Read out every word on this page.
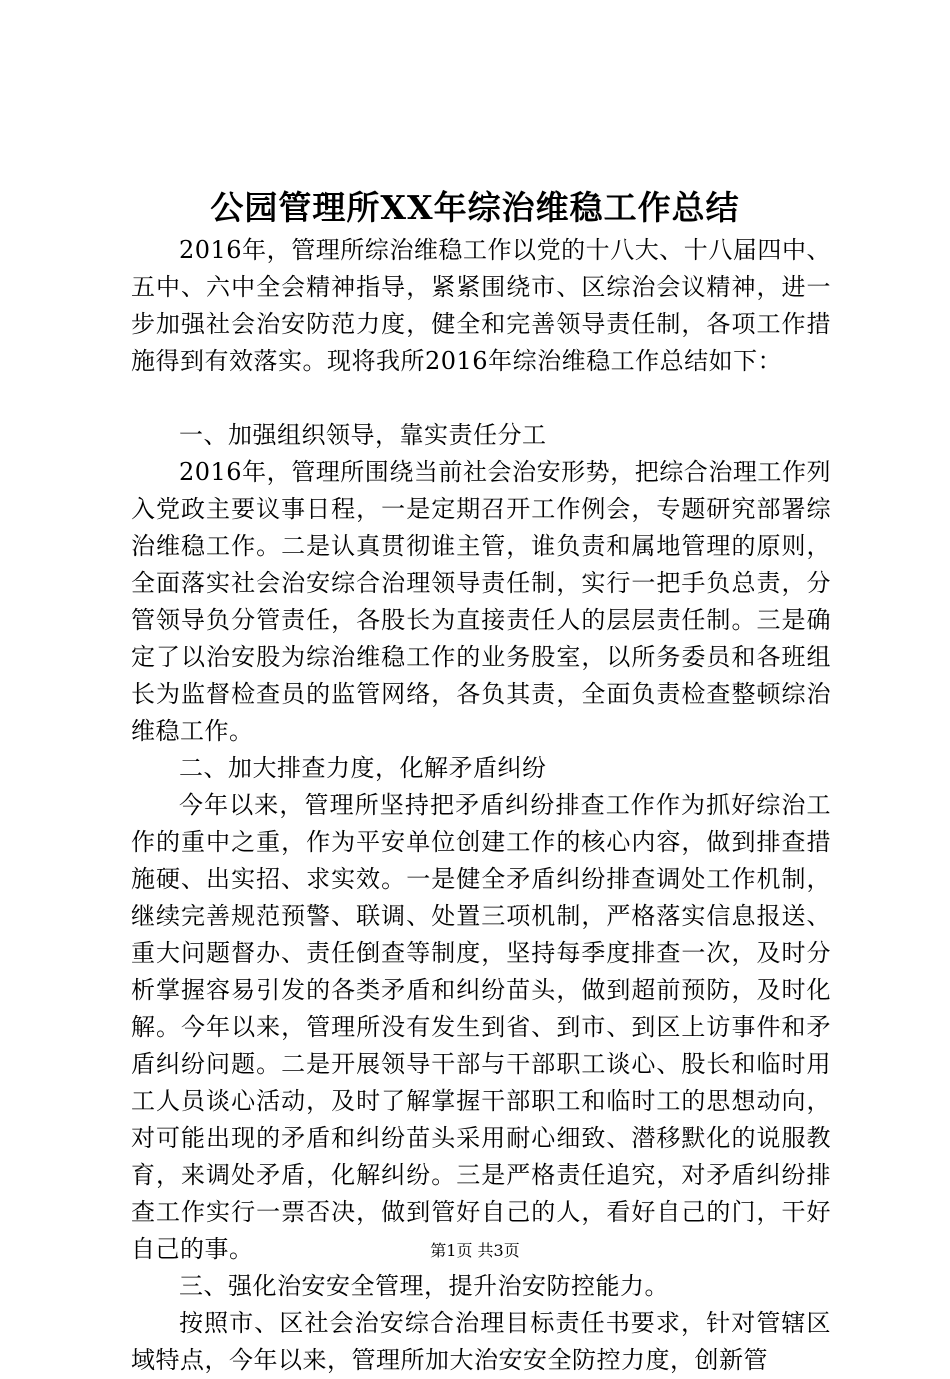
公园管理所XX年综治维稳工作总结

2016年，管理所综治维稳工作以党的十八大、十八届四中、五中、六中全会精神指导，紧紧围绕市、区综治会议精神，进一步加强社会治安防范力度，健全和完善领导责任制，各项工作措施得到有效落实。现将我所2016年综治维稳工作总结如下：

一、加强组织领导，靠实责任分工

2016年，管理所围绕当前社会治安形势，把综合治理工作列入党政主要议事日程，一是定期召开工作例会，专题研究部署综治维稳工作。二是认真贯彻谁主管，谁负责和属地管理的原则，全面落实社会治安综合治理领导责任制，实行一把手负总责，分管领导负分管责任，各股长为直接责任人的层层责任制。三是确定了以治安股为综治维稳工作的业务股室，以所务委员和各班组长为监督检查员的监管网络，各负其责，全面负责检查整顿综治维稳工作。

二、加大排查力度，化解矛盾纠纷

今年以来，管理所坚持把矛盾纠纷排查工作作为抓好综治工作的重中之重，作为平安单位创建工作的核心内容，做到排查措施硬、出实招、求实效。一是健全矛盾纠纷排查调处工作机制，继续完善规范预警、联调、处置三项机制，严格落实信息报送、重大问题督办、责任倒查等制度，坚持每季度排查一次，及时分析掌握容易引发的各类矛盾和纠纷苗头，做到超前预防，及时化解。今年以来，管理所没有发生到省、到市、到区上访事件和矛盾纠纷问题。二是开展领导干部与干部职工谈心、股长和临时用工人员谈心活动，及时了解掌握干部职工和临时工的思想动向，对可能出现的矛盾和纠纷苗头采用耐心细致、潜移默化的说服教育，来调处矛盾，化解纠纷。三是严格责任追究，对矛盾纠纷排查工作实行一票否决，做到管好自己的人，看好自己的门，干好自己的事。

三、强化治安安全管理，提升治安防控能力。

按照市、区社会治安综合治理目标责任书要求，针对管辖区域特点，今年以来，管理所加大治安安全防控力度，创新管

第1页 共3页
